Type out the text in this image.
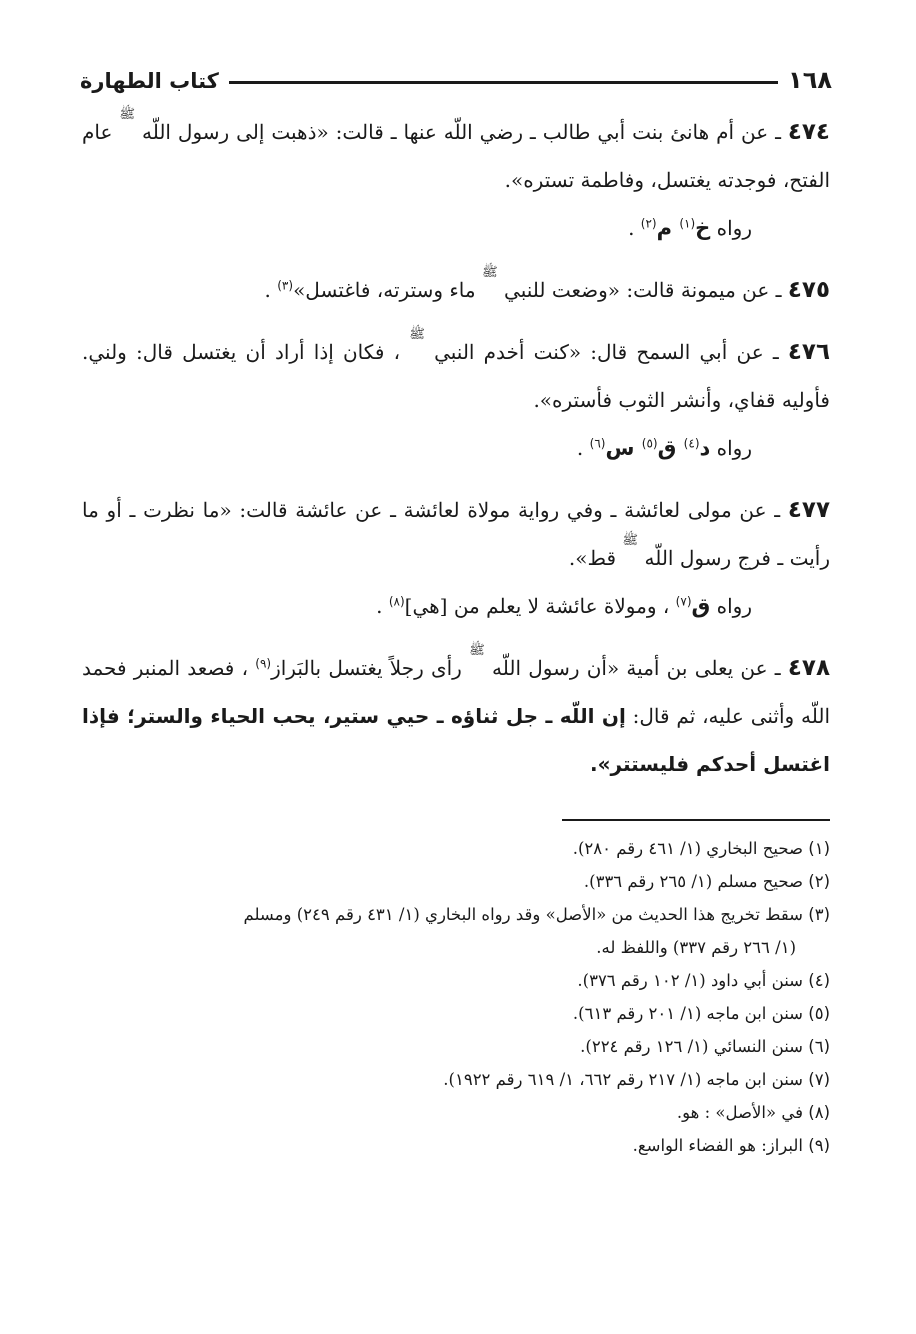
١٦٨
كتاب الطهارة

٤٧٤ ـ عن أم هانئ بنت أبي طالب ـ رضي اللّه عنها ـ قالت: «ذهبت إلى رسول اللّه $^ﷺ$ عام الفتح، فوجدته يغتسل، وفاطمة تستره».

رواه خ$^{(١)}$ م$^{(٢)}$ .

٤٧٥ ـ عن ميمونة قالت: «وضعت للنبي $^ﷺ$ ماء وسترته، فاغتسل»$^{(٣)}$ .

٤٧٦ ـ عن أبي السمح قال: «كنت أخدم النبي $^ﷺ$ ، فكان إذا أراد أن يغتسل قال: ولني. فأوليه قفاي، وأنشر الثوب فأستره».

رواه د$^{(٤)}$ ق$^{(٥)}$ س$^{(٦)}$ .

٤٧٧ ـ عن مولى لعائشة ـ وفي رواية مولاة لعائشة ـ عن عائشة قالت: «ما نظرت ـ أو ما رأيت ـ فرج رسول اللّه $^ﷺ$ قط».

رواه ق$^{(٧)}$ ، ومولاة عائشة لا يعلم من [هي]$^{(٨)}$ .

٤٧٨ ـ عن يعلى بن أمية «أن رسول اللّه $^ﷺ$ رأى رجلاً يغتسل بالبَراز$^{(٩)}$ ، فصعد المنبر فحمد اللّه وأثنى عليه، ثم قال: إن اللّه ـ جل ثناؤه ـ حيي ستير، يحب الحياء والستر؛ فإذا اغتسل أحدكم فليستتر».

(١) صحيح البخاري (١/ ٤٦١ رقم ٢٨٠).

(٢) صحيح مسلم (١/ ٢٦٥ رقم ٣٣٦).

(٣) سقط تخريج هذا الحديث من «الأصل» وقد رواه البخاري (١/ ٤٣١ رقم ٢٤٩) ومسلم

(١/ ٢٦٦ رقم ٣٣٧) واللفظ له.

(٤) سنن أبي داود (١/ ١٠٢ رقم ٣٧٦).

(٥) سنن ابن ماجه (١/ ٢٠١ رقم ٦١٣).

(٦) سنن النسائي (١/ ١٢٦ رقم ٢٢٤).

(٧) سنن ابن ماجه (١/ ٢١٧ رقم ٦٦٢، ١/ ٦١٩ رقم ١٩٢٢).

(٨) في «الأصل» : هو.

(٩) البراز: هو الفضاء الواسع.
